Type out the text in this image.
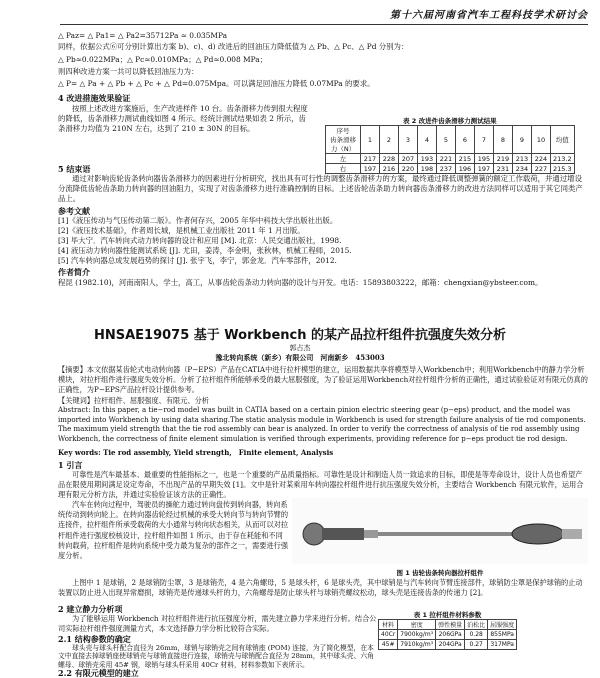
第十六届河南省汽车工程科技学术研讨会

△ Paz= △ Pa1= △ Pa2=35712Pa ≈ 0.035MPa

同样，依据公式⑥可分别计算出方案 b)、c)、d) 改进后的回油压力降低值为 △ Pb、△ Pc、△ Pd 分别为：

△ Pb≈0.022MPa；△ Pc≈0.010MPa；△ Pd≈0.008 MPa；

则四种改进方案一共可以降低回油压力为：

△ P= △ Pa + △ Pb + △ Pc + △ Pd=0.075Mpa。可以满足回油压力降低 0.07MPa 的要求。

4 改进措施效果验证

按照上述改进方案施后，生产改进样件 10 台。齿条滑移力传到很大程度的降低，齿条滑移力测试曲线如图 4 所示。经统计测试结果如表 2 所示，齿条滑移力均值为 210N 左右，达到了 210 ± 30N 的目标。

表 2 改进件齿条滑移力测试结果
序号
齿条滑移力（N）	1	2	3	4	5	6	7	8	9	10	均值
左	217	228	207	193	221	215	195	219	213	224	213.2
右	197	216	220	198	237	196	197	231	234	227	215.3

5 结束语

通过对影响齿轮齿条转向器齿条滑移力的因素进行分析研究，找出具有可行性的调整齿条滑移力的方案，最终通过降低调整弹簧的额定工作载荷，并通过增设分流降低齿轮齿条助力转向器的回油阻力，实现了对齿条滑移力进行准确控制的目标。上述齿轮齿条助力转向器齿条滑移力的改进方法同样可以适用于其它同类产品上。

参考文献

[1]《液压传动与气压传动第二版》。作者何存兴，2005 年华中科技大学出版社出版。

[2]《液压技术基础》，作者周长城，是机械工业出版社 2011 年 1 月出版。

[3] 毕大宁．汽车转向式动力转向器的设计和应用 [M]. 北京：人民交通出版社，1998.

[4] 液压动力转向器性能测试系统 [J]. 尤田，姜涛，李金明，张秋林，机械工程师，2015.

[5] 汽车转向器总成发展趋势的探讨 [J]. 张宇飞，李宁，郭金龙．汽车零部件，2012.

作者简介

程昆 (1982.10)，河南南阳人，学士，高工，从事齿轮齿条动力转向器的设计与开发。电话：15893803222，邮箱：chengxian@ybsteer.com。

HNSAE19075 基于 Workbench 的某产品拉杆组件抗强度失效分析

郭占杰

豫北转向系统（新乡）有限公司　河南新乡　453003

【摘要】本文依据某齿轮式电动转向器（P−EPS）产品在CATIA中进行拉杆模型的建立，运用数据共享将模型导入Workbench中；利用Workbench中的静力学分析模块，对拉杆组件进行强度失效分析。分析了拉杆组件所能够承受的最大屈服强度，为了验证运用Workbench对拉杆组件分析的正确性，通过试验验证对有限元仿真的正确性，为P−EPS产品拉杆设计提供参考。

【关键词】拉杆组件、屈服强度、有限元、分析

Abstract: In this paper, a tie−rod model was built in CATIA based on a certain pinion electric steering gear (p−eps) product, and the model was imported into Workbench by using data sharing.The static analysis module in Workbench is used for strength failure analysis of tie rod components. The maximum yield strength that the tie rod assembly can bear is analyzed. In order to verify the correctness of analysis of tie rod assembly using Workbench, the correctness of finite element simulation is verified through experiments, providing reference for p−eps product tie rod design.

Key words: Tie rod assembly, Yield strength,　Finite element, Analysis

1 引言

可靠性是汽车最基本、最重要的性能指标之一，也是一个重要的产品质量指标。可靠性是设计和制造人员一致追求的目标，即使是等寿命设计，设计人员也希望产品在限使用期间满足设定寿命，不出现产品的早期失效 [1]。文中是针对某乘用车转向器拉杆组件进行抗压强度失效分析，主要结合 Workbench 有限元软件，运用合理有限元分析方法，并通过实验验证该方法的正确性。

汽车在转向过程中，驾驶员的操舵力通过转向盘传到转向器，转向系统传动到转向轮上。在转向器齿轮经过机械的承受大转向节与转向节臂的连接件，拉杆组件所承受载荷的大小通常与转向状态相关，从而可以对拉杆组件进行强度校核设计，拉杆组件如图 1 所示，由于存在耗能和不同转向载荷，拉杆组件是转向系统中受力最为复杂的部件之一，需要进行强度分析。

图 1 齿轮齿条转向器拉杆组件

上图中 1 是球销，2 是球销防尘罩，3 是球销壳，4 是六角螺母，5 是球头杆，6 是球头壳，其中球销是与汽车转向节臂连接部件，球销防尘罩是保护球销的止动装置以防止进入出现异常磨损，球销壳是传递球头杆的力，六角螺母是防止球头杆与球销壳螺纹松动，球头壳是连接齿条的传递力 [2]。

2 建立静力分析项

为了能够运用 Workbench 对拉杆组件进行抗压强度分析，需先建立静力学来进行分析。结合公司实际拉杆组件强度测量方式，本文选择静力学分析比较符合实际。

2.1 结构参数的确定

球头壳与球头杆配合直径为 26mm，球销与球销壳之间有球销座 (POM) 连接，为了简化模型，在本文中直接去掉球销座使球销壳与球销直接进行连接，球销壳与球销配合直径为 28mm，其中球头壳、六角螺母、球销壳采用 45# 钢，球销与球头杆采用 40Cr 材料，材料参数如下表所示。

2.2 有限元模型的建立

表 1 拉杆组件材料参数
材料	密度	弹性模量	泊松比	屈服强度
40Cr	7900kg/m³	206GPa	0.28	855MPa
45#	7910kg/m³	204GPa	0.27	317MPa
